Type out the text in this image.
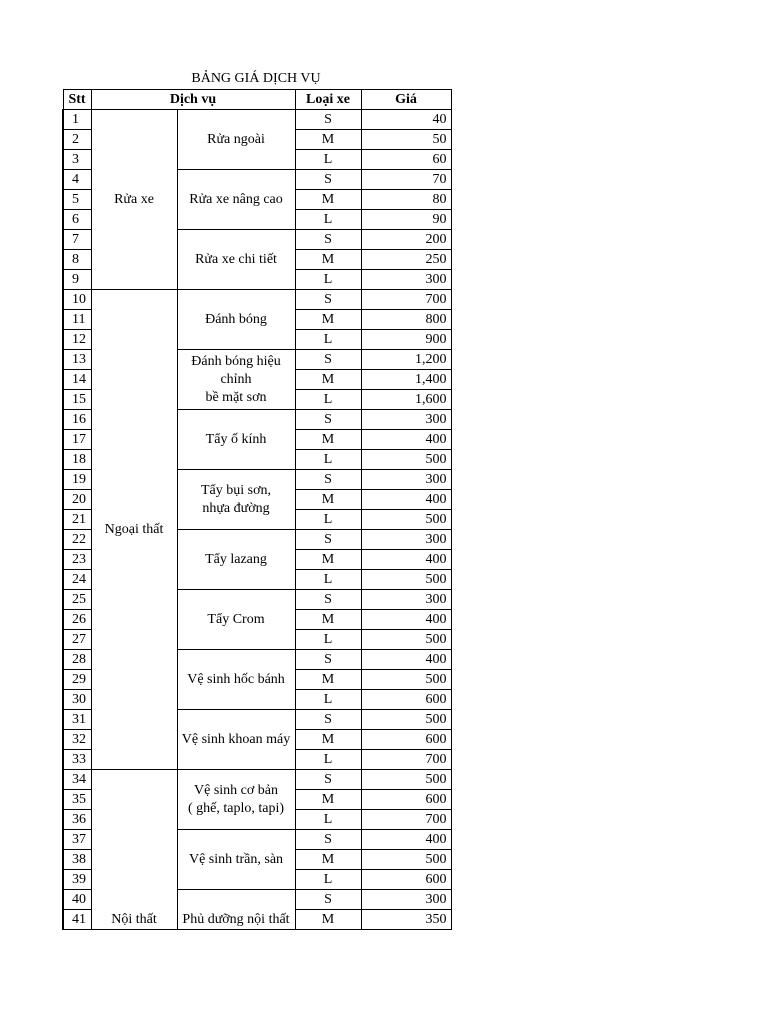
BẢNG GIÁ DỊCH VỤ
Stt	Dịch vụ		Loại xe	Giá
1	Rửa xe	Rửa ngoài	S	40
2			M	50
3			L	60
4		Rửa xe nâng cao	S	70
5			M	80
6			L	90
7		Rửa xe chi tiết	S	200
8			M	250
9			L	300
10	Ngoại thất	Đánh bóng	S	700
11			M	800
12			L	900
13		Đánh bóng hiệu chỉnh
bề mặt sơn	S	1,200
14			M	1,400
15			L	1,600
16		Tẩy ố kính	S	300
17			M	400
18			L	500
19		Tẩy bụi sơn,
nhựa đường	S	300
20			M	400
21			L	500
22		Tẩy lazang	S	300
23			M	400
24			L	500
25		Tẩy Crom	S	300
26			M	400
27			L	500
28		Vệ sinh hốc bánh	S	400
29			M	500
30			L	600
31		Vệ sinh khoan máy	S	500
32			M	600
33			L	700
34	Nội thất	Vệ sinh cơ bản
( ghế, taplo, tapi)	S	500
35			M	600
36			L	700
37		Vệ sinh trần, sàn	S	400
38			M	500
39			L	600
40		Phủ dưỡng nội thất	S	300
41			M	350
